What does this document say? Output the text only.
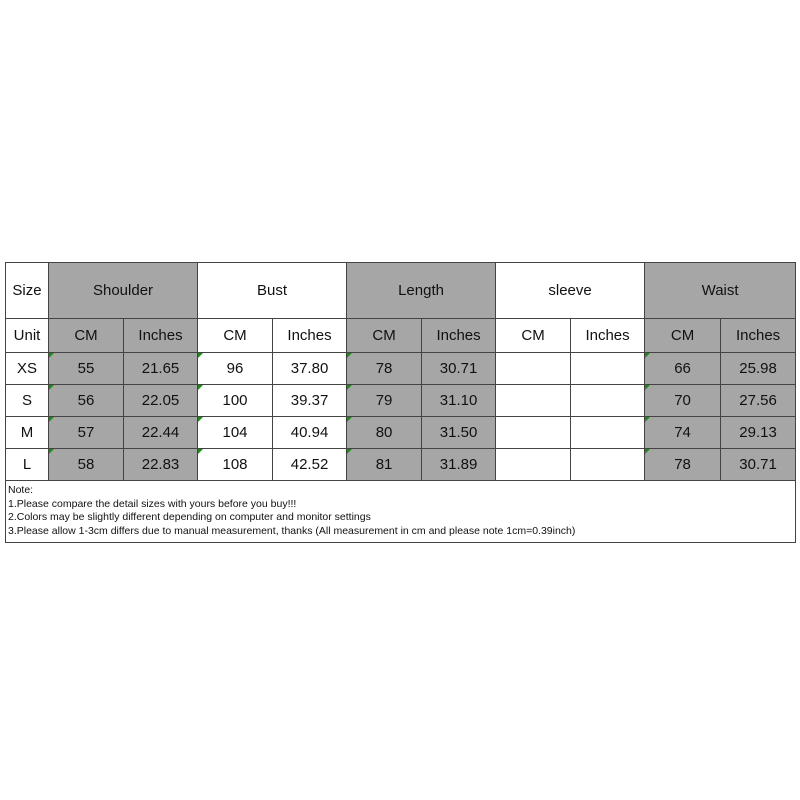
Size	Shoulder		Bust		Length		sleeve		Waist	
Unit	CM	Inches	CM	Inches	CM	Inches	CM	Inches	CM	Inches
XS	55	21.65	96	37.80	78	30.71			66	25.98
S	56	22.05	100	39.37	79	31.10			70	27.56
M	57	22.44	104	40.94	80	31.50			74	29.13
L	58	22.83	108	42.52	81	31.89			78	30.71

Note:
1.Please compare the detail sizes with yours before you buy!!!
2.Colors may be slightly different depending on computer and monitor settings
3.Please allow 1-3cm differs due to manual measurement, thanks (All measurement in cm and please note 1cm=0.39inch)										
